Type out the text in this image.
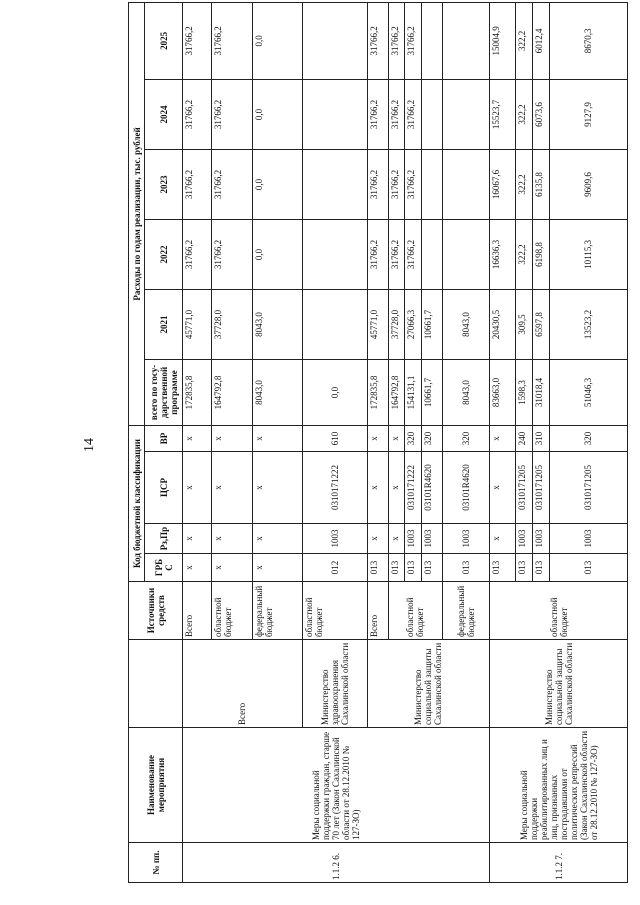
14
№ пп.	Наименование мероприятия		Источники средств	Код бюджетной классификации				Расходы по годам реализации, тыс. рублей					
				ГРБ С	Рз,Пр	ЦСР	ВР	всего по госу-дарственной программе	2021	2022	2023	2024	2025
1.1.2 6.	Меры социальной поддержки граждан, старше 70 лет (Закон Сахалинской области от 28.12.2010 № 127-ЗО)	Всего	Всего	х	х	х	х	172835,8	45771,0	31766,2	31766,2	31766,2	31766,2
			областной бюджет	х	х	х	х	164792,8	37728,0	31766,2	31766,2	31766,2	31766,2
			федеральный бюджет	х	х	х	х	8043,0	8043,0	0,0	0,0	0,0	0,0
		Министерство здравоохранения Сахалинской области	областной бюджет	012	1003	0310171222	610	0,0					
		Министерство социальной защиты Сахалинской области	Всего	013	х	х	х	172835,8	45771,0	31766,2	31766,2	31766,2	31766,2
			областной бюджет	013	х	х	х	164792,8	37728,0	31766,2	31766,2	31766,2	31766,2
				013	1003	0310171222	320	154131,1	27066,3	31766,2	31766,2	31766,2	31766,2
				013	1003	03101R4620	320	10661,7	10661,7				
			федеральный бюджет	013	1003	03101R4620	320	8043,0	8043,0				
1.1.2 7.	Меры социальной поддержки реабилитированных лиц и лиц, признанных пострадавшими от политических репрессий (Закон Сахалинской области от 28.12.2010 № 127-ЗО)	Министерство социальной защиты Сахалинской области	областной бюджет	013	х	х	х	83663,0	20430,5	16636,3	16067,6	15523,7	15004,9
				013	1003	0310171205	240	1598,3	309,5	322,2	322,2	322,2	322,2
				013	1003	0310171205	310	31018,4	6597,8	6198,8	6135,8	6073,6	6012,4
				013	1003	0310171205	320	51046,3	13523,2	10115,3	9609,6	9127,9	8670,3
